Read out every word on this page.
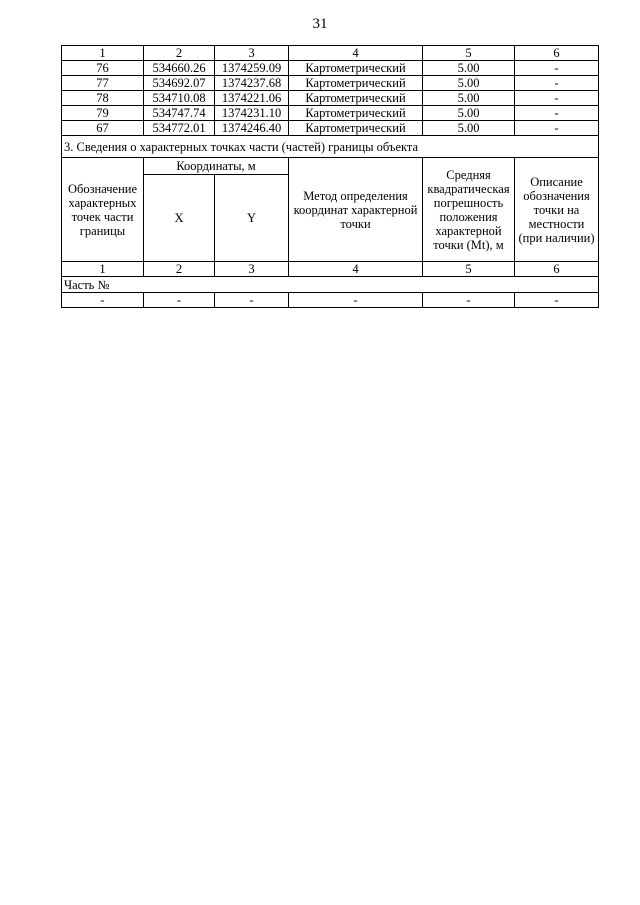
31
1	2	3	4	5	6
76	534660.26	1374259.09	Картометрический	5.00	-
77	534692.07	1374237.68	Картометрический	5.00	-
78	534710.08	1374221.06	Картометрический	5.00	-
79	534747.74	1374231.10	Картометрический	5.00	-
67	534772.01	1374246.40	Картометрический	5.00	-
3. Сведения о характерных точках части (частей) границы объекта					
Обозначение характерных точек части границы	Координаты, м		Метод определения координат характерной точки	Средняя квадратическая погрешность положения характерной точки (Mt), м	Описание обозначения точки на местности (при наличии)
	X	Y			
1	2	3	4	5	6
Часть №					
-	-	-	-	-	-
